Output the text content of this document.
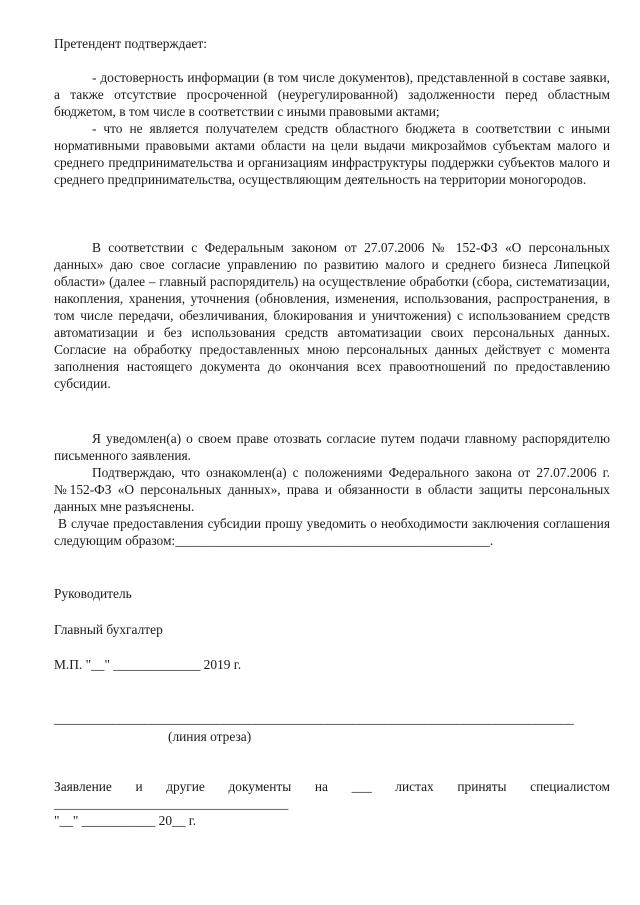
Претендент подтверждает:

- достоверность информации (в том числе документов), представленной в составе заявки, а также отсутствие просроченной (неурегулированной) задолженности перед областным бюджетом, в том числе в соответствии с иными правовыми актами;

- что не является получателем средств областного бюджета в соответствии с иными нормативными правовыми актами области на цели выдачи микрозаймов субъектам малого и среднего предпринимательства и организациям инфраструктуры поддержки субъектов малого и среднего предпринимательства, осуществляющим деятельность на территории моногородов.

В соответствии с Федеральным законом от 27.07.2006 № 152-ФЗ «О персональных данных» даю свое согласие управлению по развитию малого и среднего бизнеса Липецкой области» (далее – главный распорядитель) на осуществление обработки (сбора, систематизации, накопления, хранения, уточнения (обновления, изменения, использования, распространения, в том числе передачи, обезличивания, блокирования и уничтожения) с использованием средств автоматизации и без использования средств автоматизации своих персональных данных. Согласие на обработку предоставленных мною персональных данных действует с момента заполнения настоящего документа до окончания всех правоотношений по предоставлению субсидии.

Я уведомлен(а) о своем праве отозвать согласие путем подачи главному распорядителю письменного заявления.

Подтверждаю, что ознакомлен(а) с положениями Федерального закона от 27.07.2006 г. №152-ФЗ «О персональных данных», права и обязанности в области защиты персональных данных мне разъяснены.

В случае предоставления субсидии прошу уведомить о необходимости заключения соглашения следующим образом:_______________________________________________.

Руководитель

Главный бухгалтер

М.П. "__" _____________ 2019 г.

________________________________________________________________________________
(линия отреза)

Заявление и другие документы на ___ листах приняты специалистом ___________________________________

"__" ___________ 20__ г.
